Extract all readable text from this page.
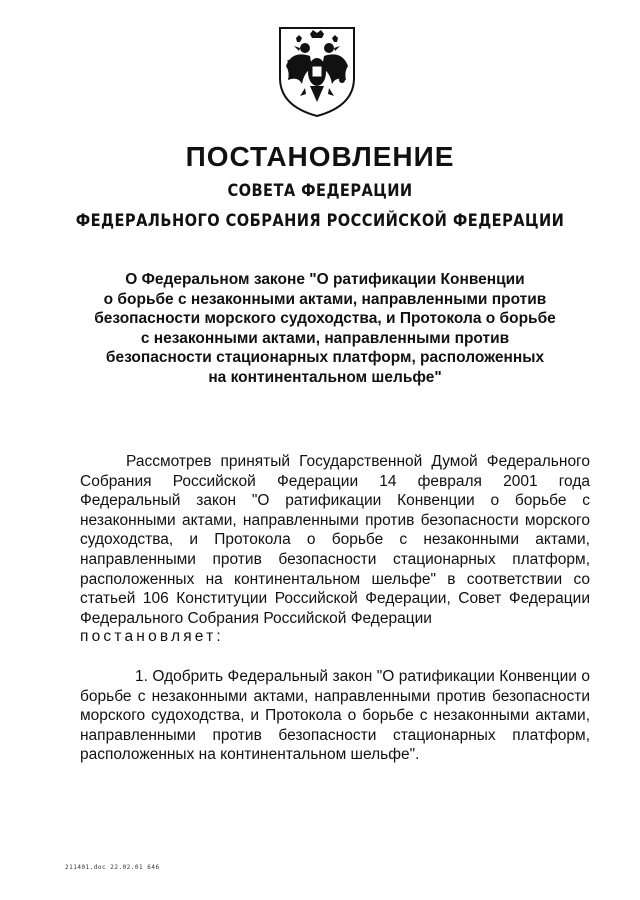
ПОСТАНОВЛЕНИЕ

СОВЕТА ФЕДЕРАЦИИ

ФЕДЕРАЛЬНОГО СОБРАНИЯ РОССИЙСКОЙ ФЕДЕРАЦИИ

О Федеральном законе "О ратификации Конвенции
о борьбе с незаконными актами, направленными против
безопасности морского судоходства, и Протокола о борьбе
с незаконными актами, направленными против
безопасности стационарных платформ, расположенных
на континентальном шельфе"

Рассмотрев принятый Государственной Думой Федерального Собрания Российской Федерации 14 февраля 2001 года Федеральный закон "О ратификации Конвенции о борьбе с незаконными актами, направленными против безопасности морского судоходства, и Протокола о борьбе с незаконными актами, направленными против безопасности стационарных платформ, расположенных на континентальном шельфе" в соответствии со статьей 106 Конституции Российской Федерации, Совет Федерации Федерального Собрания Российской Федерации

постановляет:

1. Одобрить Федеральный закон "О ратификации Конвенции о борьбе с незаконными актами, направленными против безопасности морского судоходства, и Протокола о борьбе с незаконными актами, направленными против безопасности стационарных платформ, расположенных на континентальном шельфе".

211401.doc 22.02.01 646
